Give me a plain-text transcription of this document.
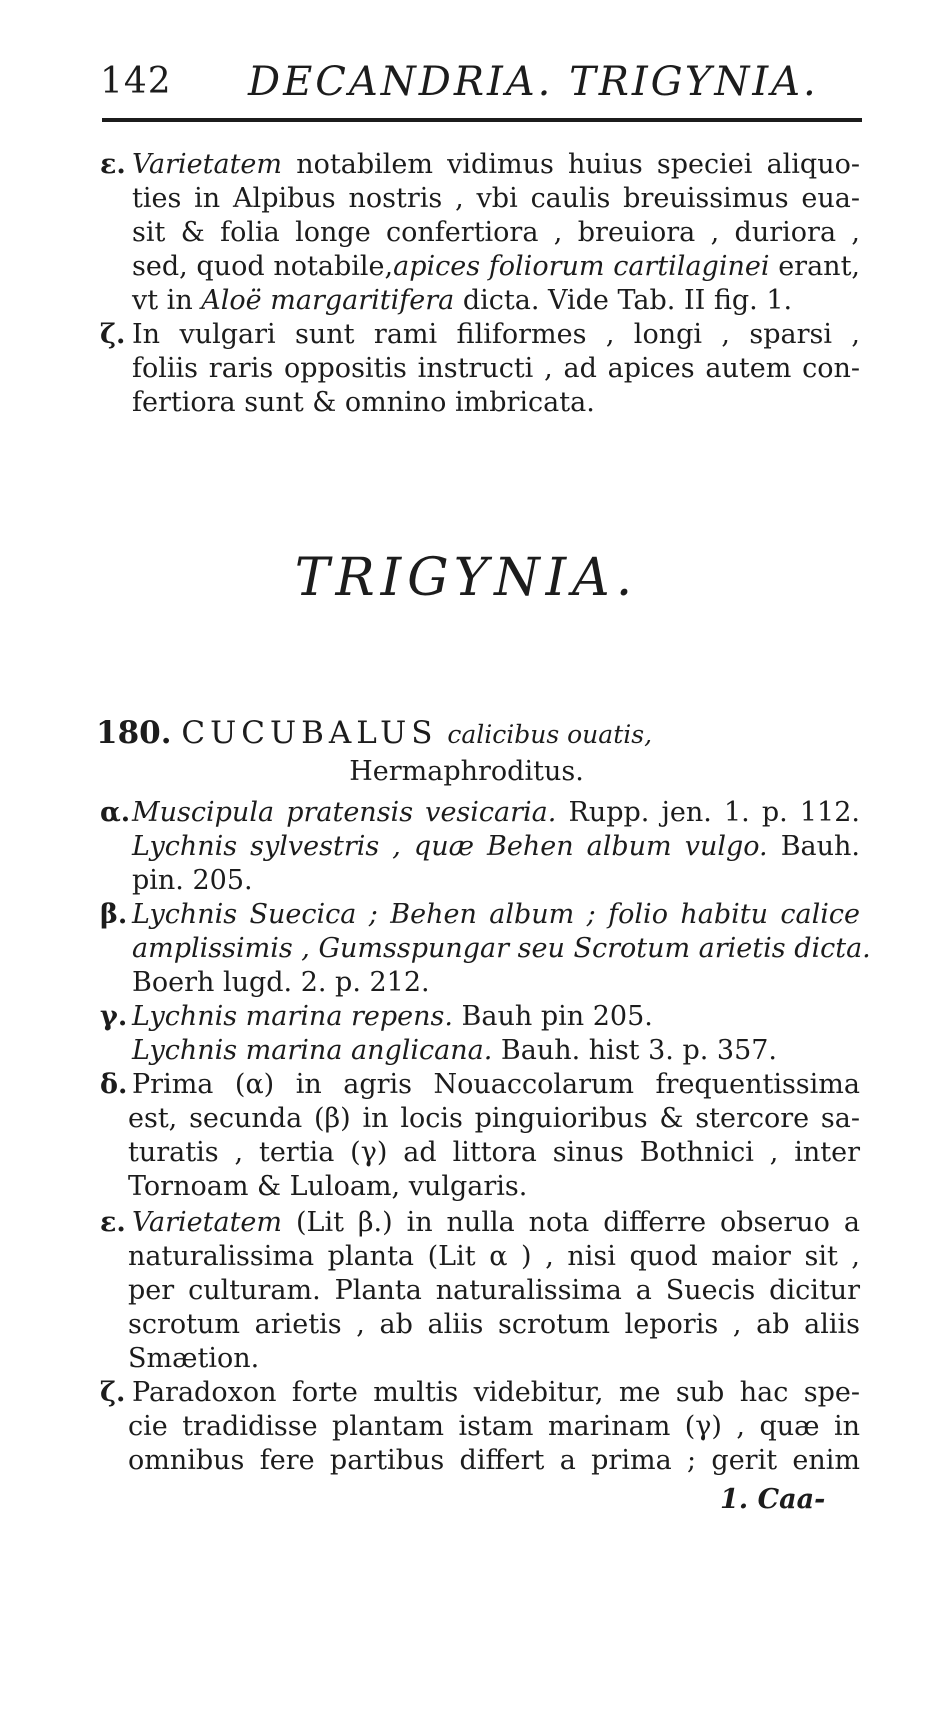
142 DECANDRIA. TRIGYNIA.
ε. Varietatem notabilem vidimus huius speciei aliquo-
ties in Alpibus nostris , vbi caulis breuissimus eua-
sit & folia longe confertiora , breuiora , duriora ,
sed, quod notabile,apices foliorum cartilaginei erant,
vt in Aloë margaritifera dicta. Vide Tab. II fig. 1.
ζ. In vulgari sunt rami filiformes , longi , sparsi ,
foliis raris oppositis instructi , ad apices autem con-
fertiora sunt & omnino imbricata.
TRIGYNIA.
180. CUCUBALUS calicibus ouatis,
Hermaphroditus.
α.Muscipula pratensis vesicaria. Rupp. jen. 1. p. 112.
Lychnis sylvestris , quæ Behen album vulgo. Bauh.
pin. 205.
β. Lychnis Suecica ; Behen album ; folio habitu calice
amplissimis , Gumsspungar seu Scrotum arietis dicta.
Boerh lugd. 2. p. 212.
γ. Lychnis marina repens. Bauh pin 205.
Lychnis marina anglicana. Bauh. hist 3. p. 357.
δ. Prima (α) in agris Nouaccolarum frequentissima
est, secunda (β) in locis pinguioribus & stercore sa-
turatis , tertia (γ) ad littora sinus Bothnici , inter
Tornoam & Luloam, vulgaris.
ε. Varietatem (Lit β.) in nulla nota differre obseruo a
naturalissima planta (Lit α ) , nisi quod maior sit ,
per culturam. Planta naturalissima a Suecis dicitur
scrotum arietis , ab aliis scrotum leporis , ab aliis
Smætion.
ζ. Paradoxon forte multis videbitur, me sub hac spe-
cie tradidisse plantam istam marinam (γ) , quæ in
omnibus fere partibus differt a prima ; gerit enim
1. Caa-
